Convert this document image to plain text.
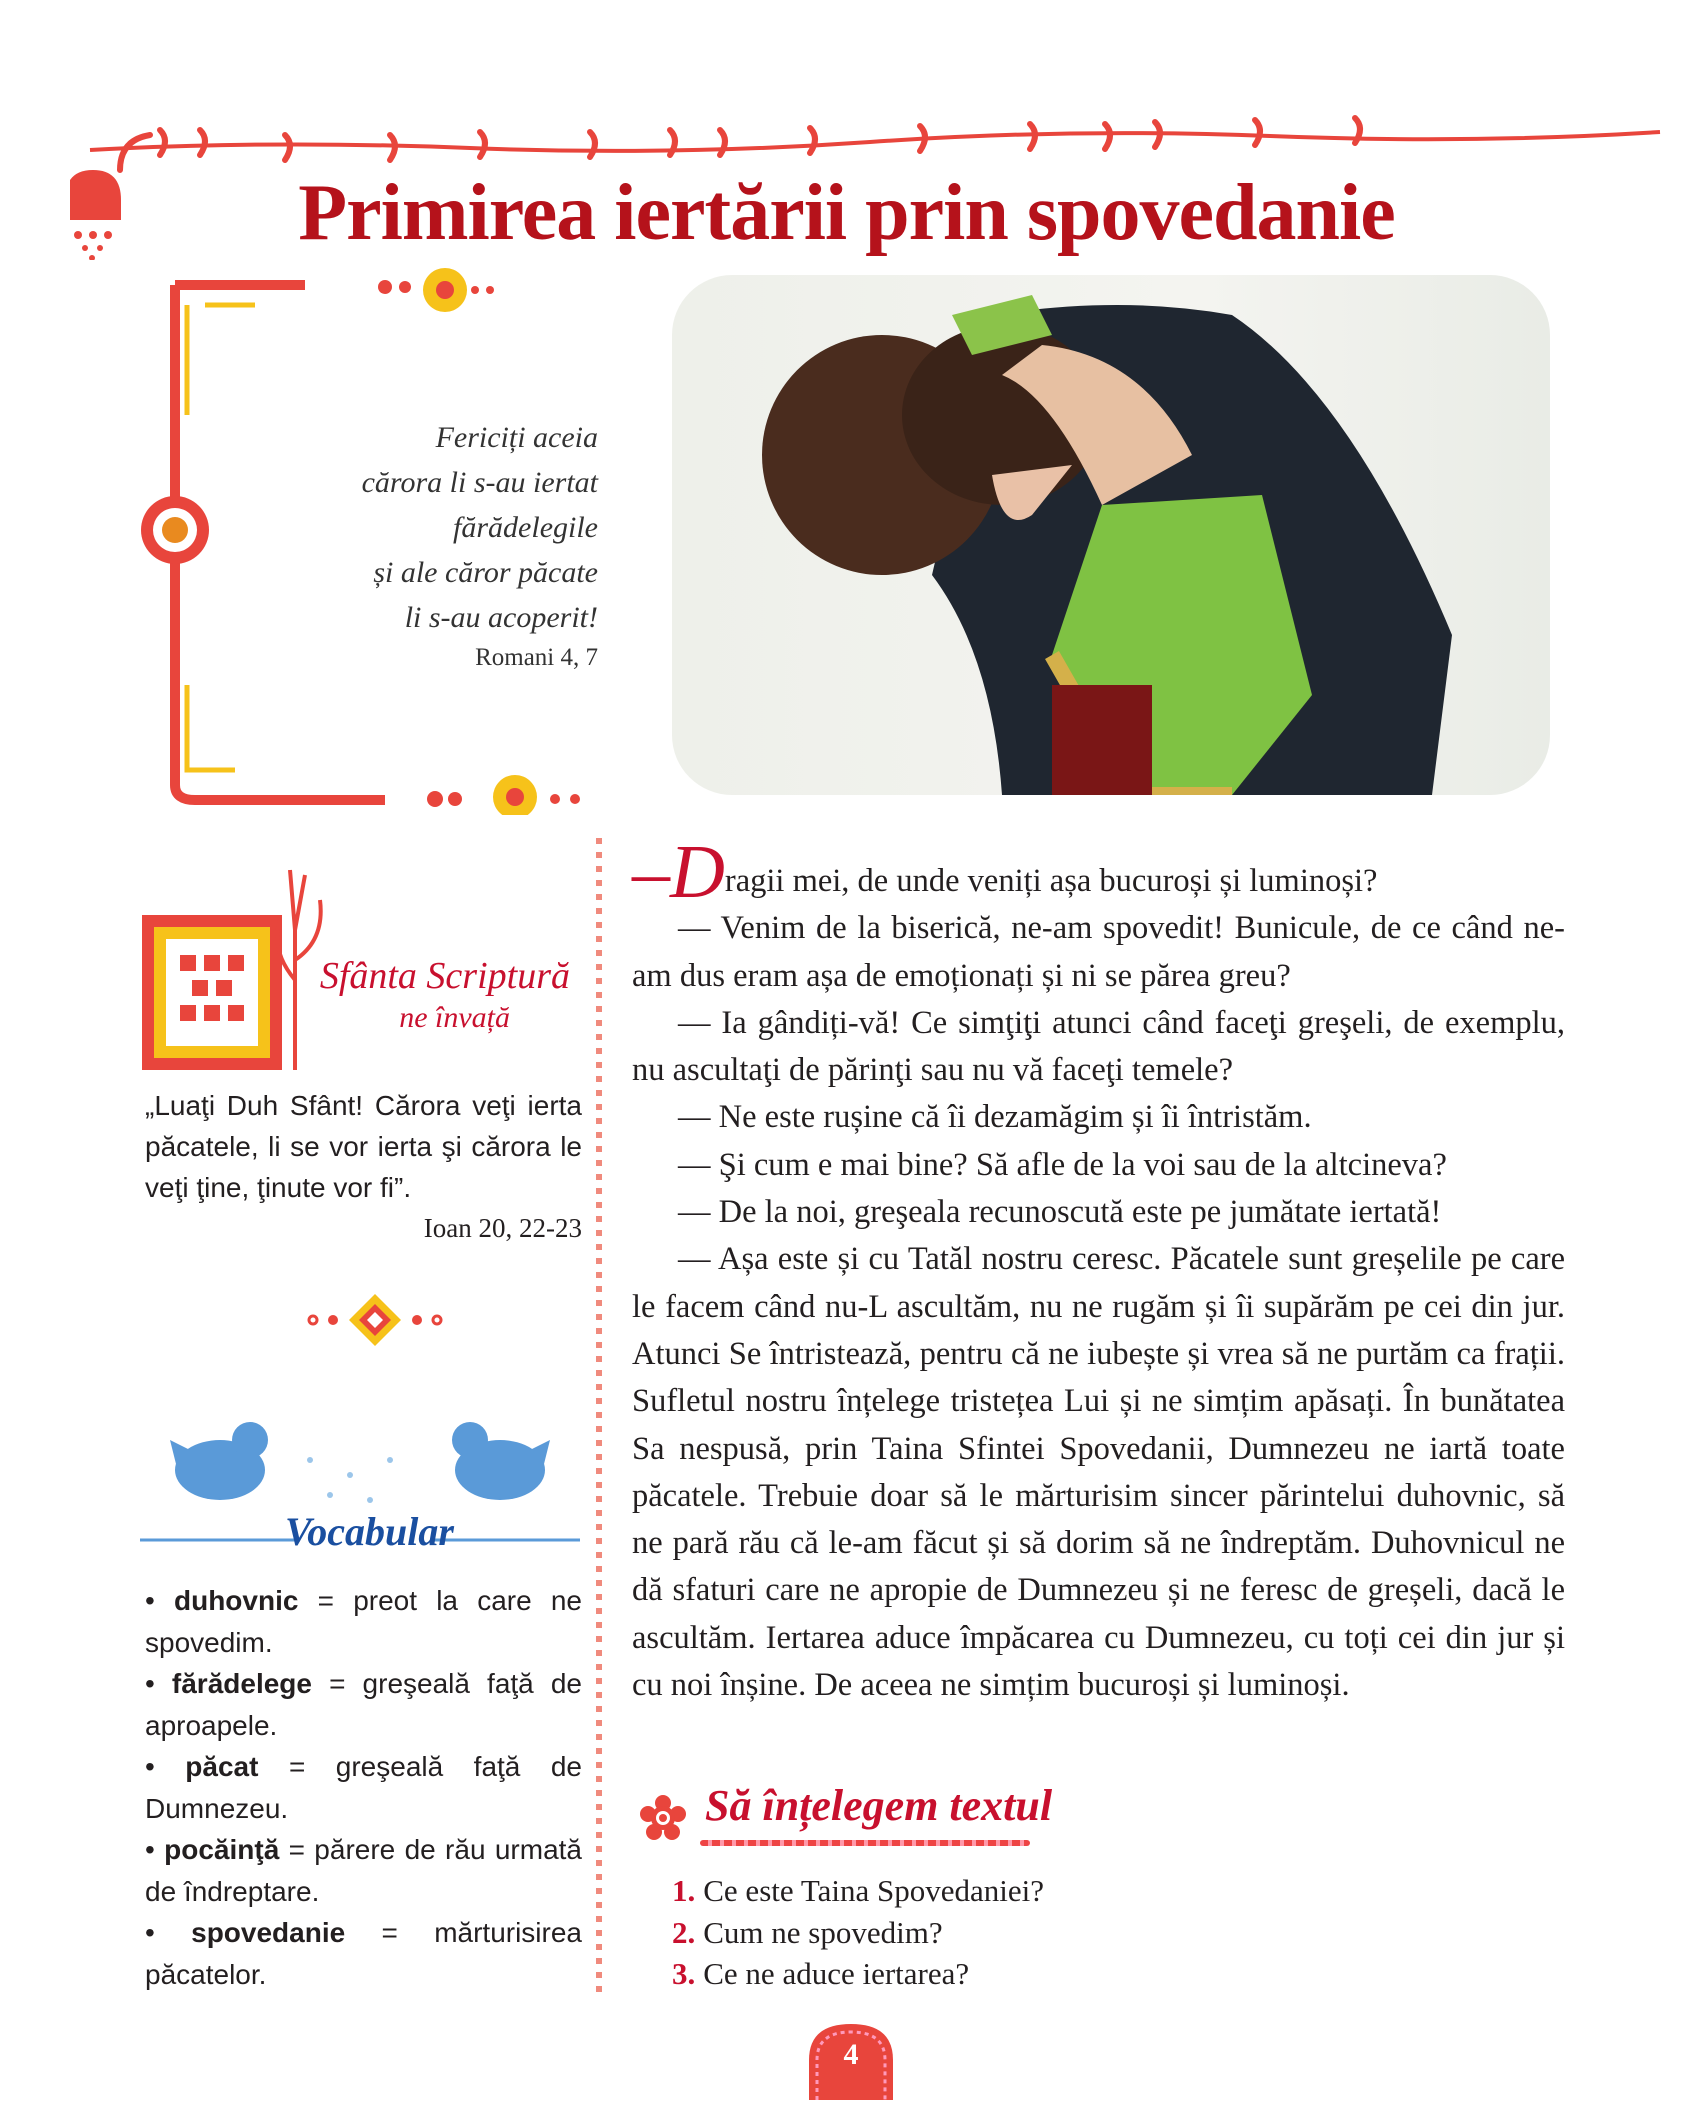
Primirea iertării prin spovedanie
Fericiți aceia
cărora li s-au iertat
fărădelegile
și ale căror păcate
li s-au acoperit!
Romani 4, 7
Sfânta Scriptură
ne învață
„Luaţi Duh Sfânt! Cărora veţi ierta păcatele, li se vor ierta şi cărora le veţi ţine, ţinute vor fi”.
Ioan 20, 22-23
Vocabular
• duhovnic = preot la care ne spovedim.
• fărădelege = greşeală faţă de aproapele.
• păcat = greşeală faţă de Dumnezeu.
• pocăinţă = părere de rău urmată de îndreptare.
• spovedanie = mărturisirea păcatelor.

–Dragii mei, de unde veniți așa bucuroși și luminoși?

— Venim de la biserică, ne-am spovedit! Bunicule, de ce când ne-am dus eram așa de emoționați și ni se părea greu?

— Ia gândiți-vă! Ce simţiţi atunci când faceţi greşeli, de exemplu, nu ascultaţi de părinţi sau nu vă faceţi temele?

— Ne este rușine că îi dezamăgim și îi întristăm.

— Şi cum e mai bine? Să afle de la voi sau de la altcineva?

— De la noi, greşeala recunoscută este pe jumătate iertată!

— Așa este și cu Tatăl nostru ceresc. Păcatele sunt greșelile pe care le facem când nu-L ascultăm, nu ne rugăm și îi supărăm pe cei din jur. Atunci Se întristează, pentru că ne iubește și vrea să ne purtăm ca frații. Sufletul nostru înțelege tristețea Lui și ne simțim apăsați. În bunătatea Sa nespusă, prin Taina Sfintei Spovedanii, Dumnezeu ne iartă toate păcatele. Trebuie doar să le mărturisim sincer părintelui duhovnic, să ne pară rău că le-am făcut și să dorim să ne îndreptăm. Duhovnicul ne dă sfaturi care ne apropie de Dumnezeu și ne feresc de greșeli, dacă le ascultăm. Iertarea aduce împăcarea cu Dumnezeu, cu toți cei din jur și cu noi înșine. De aceea ne simțim bucuroși și luminoși.

Să înțelegem textul
1. Ce este Taina Spovedaniei?
2. Cum ne spovedim?
3. Ce ne aduce iertarea?
4
